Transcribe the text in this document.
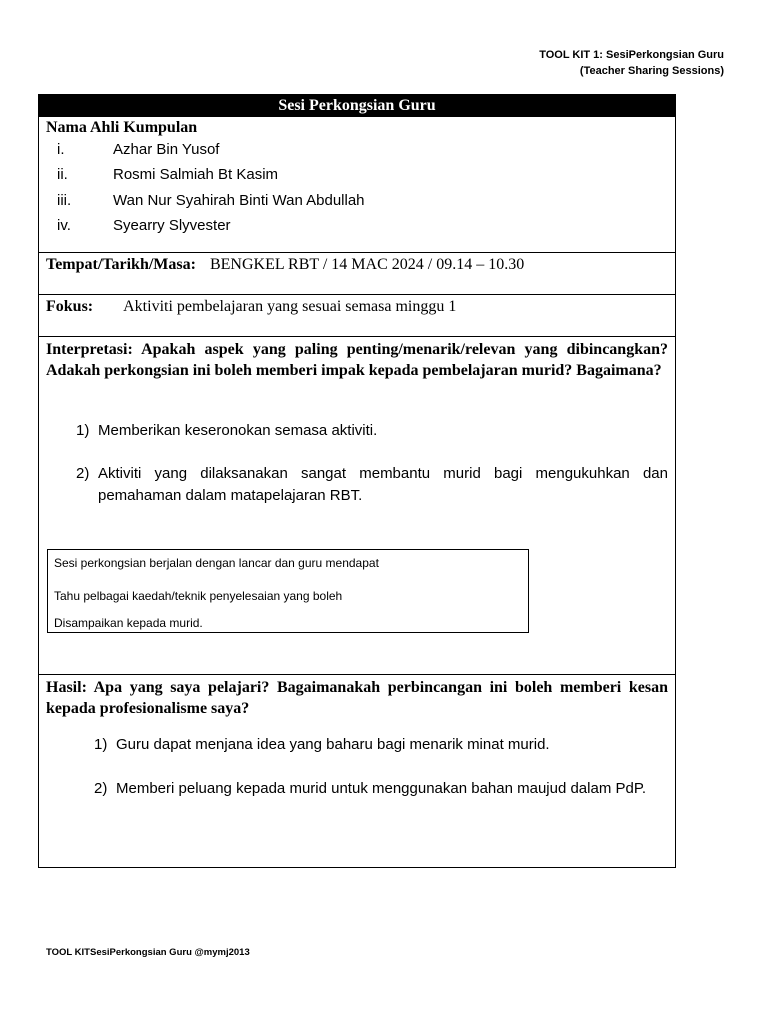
TOOL KIT 1: SesiPerkongsian Guru
(Teacher Sharing Sessions)
Sesi Perkongsian Guru
Nama Ahli Kumpulan
i.	Azhar Bin Yusof
ii.	Rosmi Salmiah Bt Kasim
iii.	Wan Nur Syahirah Binti Wan Abdullah
iv.	Syearry Slyvester
Tempat/Tarikh/Masa: BENGKEL RBT / 14 MAC 2024 / 09.14 – 10.30
Fokus: Aktiviti pembelajaran yang sesuai semasa minggu 1
Interpretasi: Apakah aspek yang paling penting/menarik/relevan yang dibincangkan? Adakah perkongsian ini boleh memberi impak kepada pembelajaran murid? Bagaimana?
1) Memberikan keseronokan semasa aktiviti.
2) Aktiviti yang dilaksanakan sangat membantu murid bagi mengukuhkan dan pemahaman dalam matapelajaran RBT.
Sesi perkongsian berjalan dengan lancar dan guru mendapat
Tahu pelbagai kaedah/teknik penyelesaian yang boleh
Disampaikan kepada murid.
Hasil: Apa yang saya pelajari? Bagaimanakah perbincangan ini boleh memberi kesan kepada profesionalisme saya?
1) Guru dapat menjana idea yang baharu bagi menarik minat murid.
2) Memberi peluang kepada murid untuk menggunakan bahan maujud dalam PdP.
TOOL KITSesiPerkongsian Guru @mymj2013
